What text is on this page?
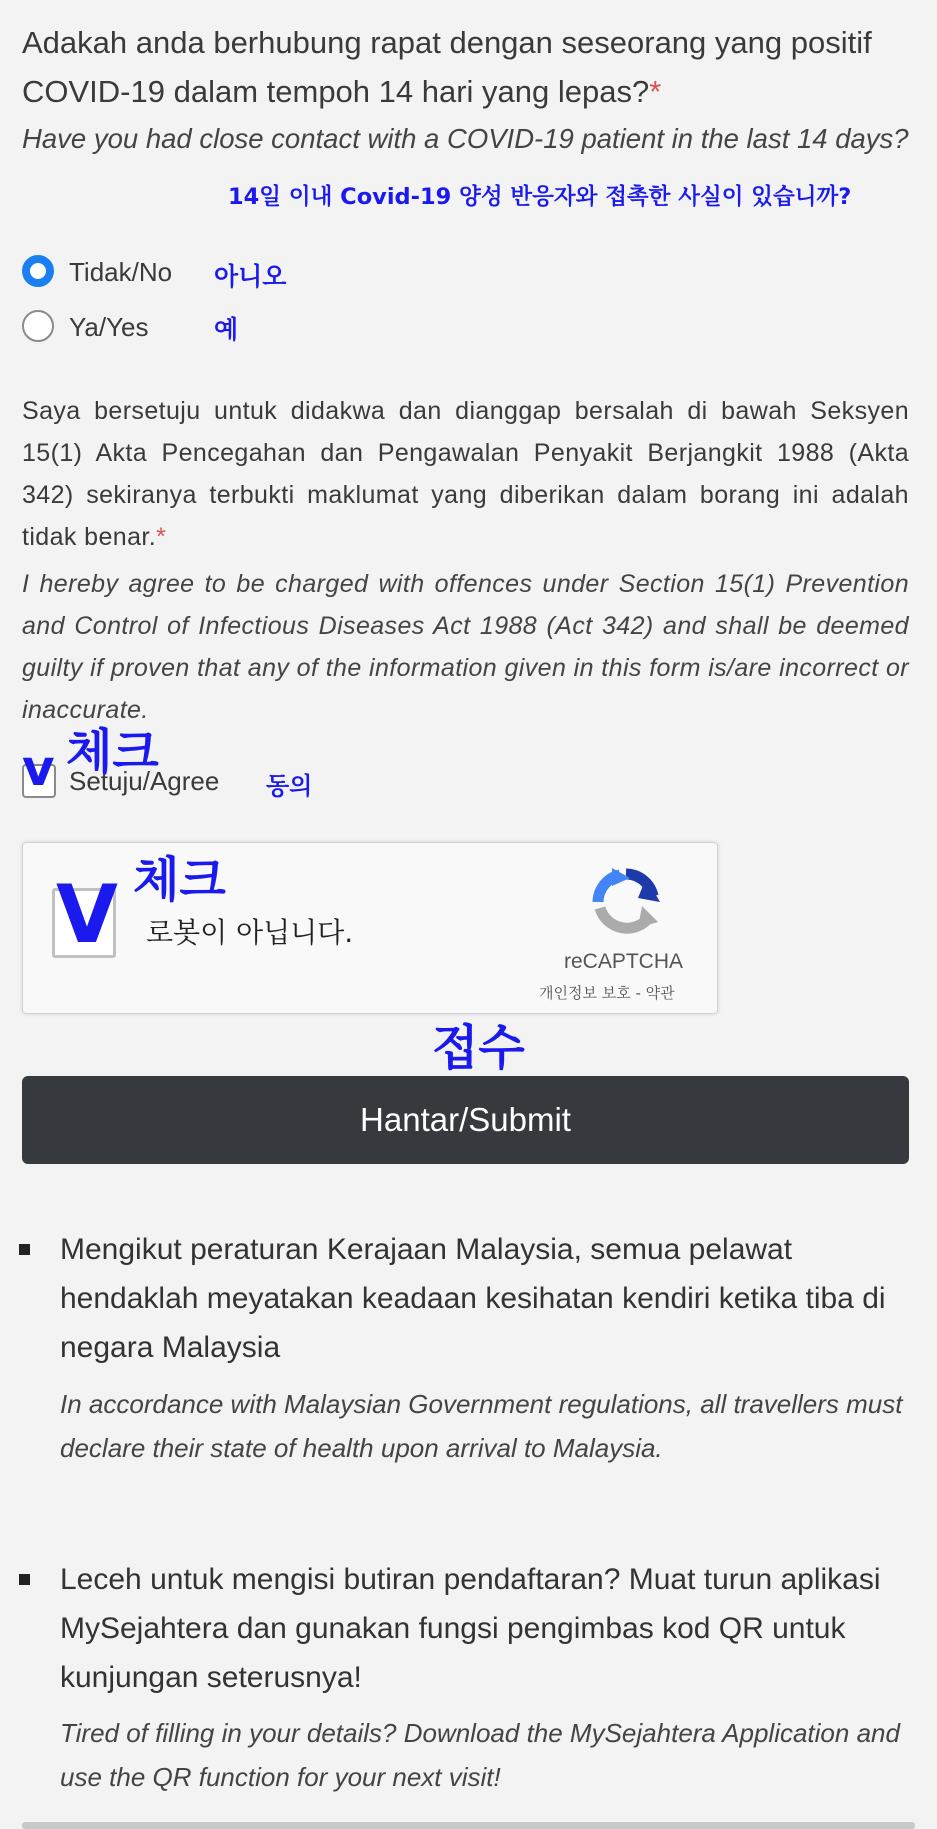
Adakah anda berhubung rapat dengan seseorang yang positif COVID-19 dalam tempoh 14 hari yang lepas?*
Have you had close contact with a COVID-19 patient in the last 14 days?
14일 이내 Covid-19 양성 반응자와 접촉한 사실이 있습니까?
Tidak/No 아니오
Ya/Yes	예
Saya bersetuju untuk didakwa dan dianggap bersalah di bawah Seksyen 15(1) Akta Pencegahan dan Pengawalan Penyakit Berjangkit 1988 (Akta 342) sekiranya terbukti maklumat yang diberikan dalam borang ini adalah tidak benar.*
I hereby agree to be charged with offences under Section 15(1) Prevention and Control of Infectious Diseases Act 1988 (Act 342) and shall be deemed guilty if proven that any of the information given in this form is/are incorrect or inaccurate.
Setuju/Agree
v 체크
동의
V 체크
로봇이 아닙니다.
reCAPTCHA
개인정보 보호 - 약관
접수
Hantar/Submit
Mengikut peraturan Kerajaan Malaysia, semua pelawat hendaklah meyatakan keadaan kesihatan kendiri ketika tiba di negara Malaysia
In accordance with Malaysian Government regulations, all travellers must declare their state of health upon arrival to Malaysia.
Leceh untuk mengisi butiran pendaftaran? Muat turun aplikasi MySejahtera dan gunakan fungsi pengimbas kod QR untuk kunjungan seterusnya!
Tired of filling in your details? Download the MySejahtera Application and use the QR function for your next visit!
